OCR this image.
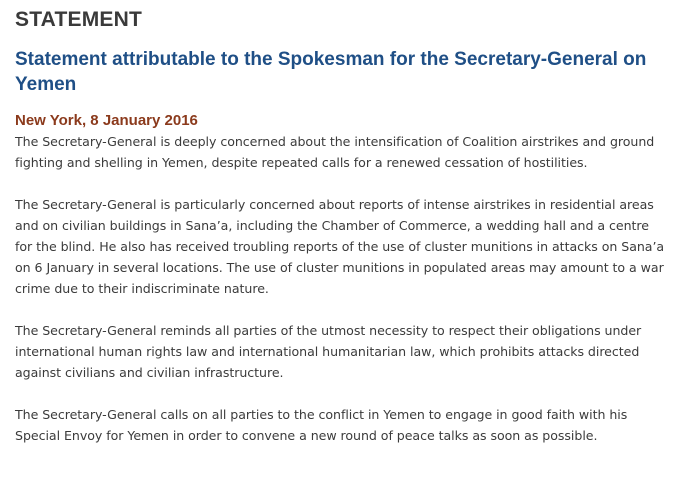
STATEMENT
Statement attributable to the Spokesman for the Secretary-General on Yemen
New York, 8 January 2016

The Secretary-General is deeply concerned about the intensification of Coalition airstrikes and ground fighting and shelling in Yemen, despite repeated calls for a renewed cessation of hostilities.

The Secretary-General is particularly concerned about reports of intense airstrikes in residential areas and on civilian buildings in Sana’a, including the Chamber of Commerce, a wedding hall and a centre for the blind. He also has received troubling reports of the use of cluster munitions in attacks on Sana’a on 6 January in several locations. The use of cluster munitions in populated areas may amount to a war crime due to their indiscriminate nature.

The Secretary-General reminds all parties of the utmost necessity to respect their obligations under international human rights law and international humanitarian law, which prohibits attacks directed against civilians and civilian infrastructure.

The Secretary-General calls on all parties to the conflict in Yemen to engage in good faith with his Special Envoy for Yemen in order to convene a new round of peace talks as soon as possible.
